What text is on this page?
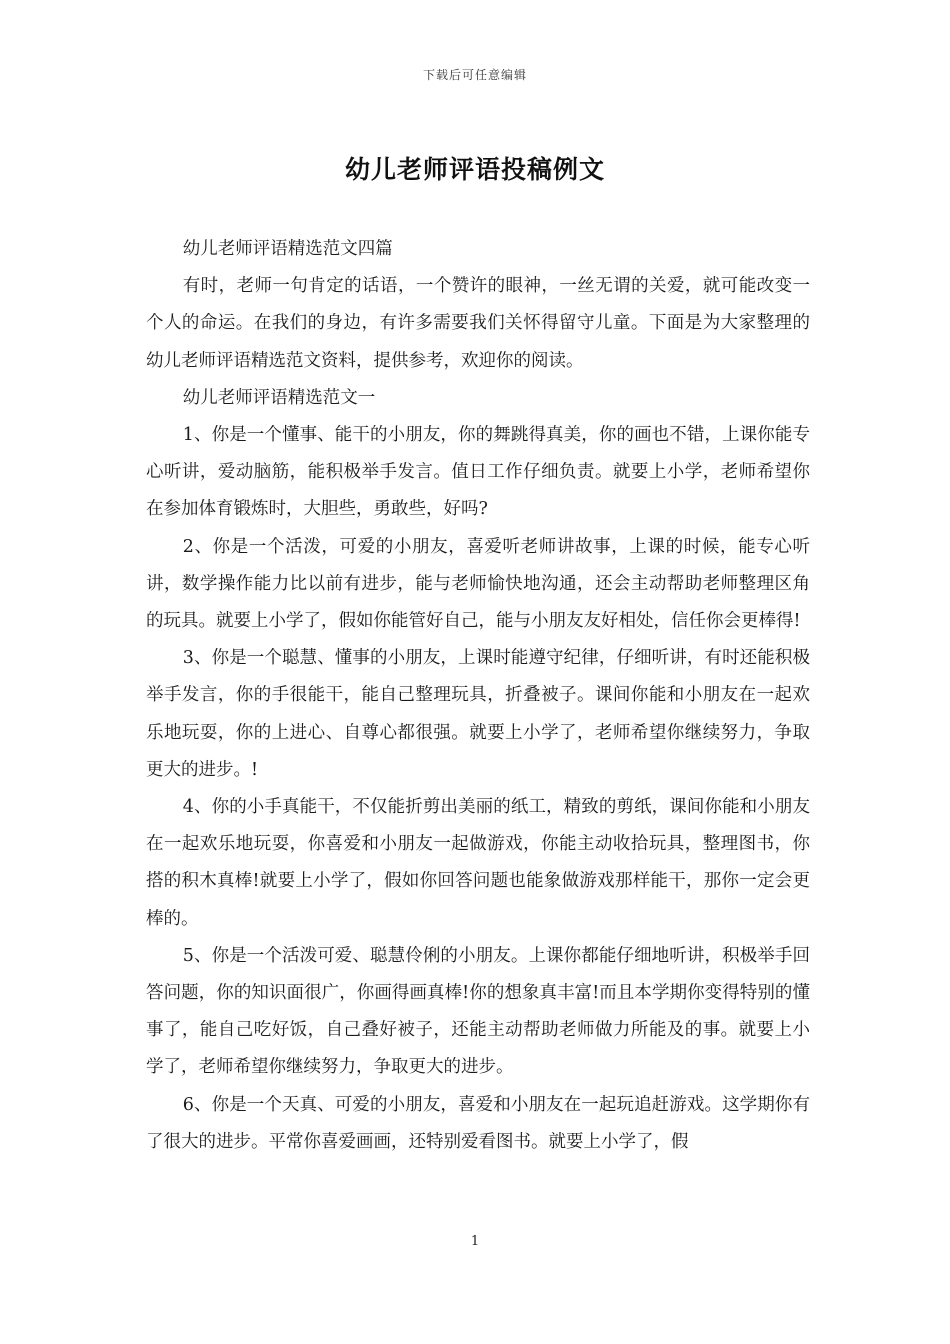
下载后可任意编辑
幼儿老师评语投稿例文

幼儿老师评语精选范文四篇

有时，老师一句肯定的话语，一个赞许的眼神，一丝无谓的关爱，就可能改变一个人的命运。在我们的身边，有许多需要我们关怀得留守儿童。下面是为大家整理的幼儿老师评语精选范文资料，提供参考，欢迎你的阅读。

幼儿老师评语精选范文一

1、你是一个懂事、能干的小朋友，你的舞跳得真美，你的画也不错，上课你能专心听讲，爱动脑筋，能积极举手发言。值日工作仔细负责。就要上小学，老师希望你在参加体育锻炼时，大胆些，勇敢些，好吗?

2、你是一个活泼，可爱的小朋友，喜爱听老师讲故事，上课的时候，能专心听讲，数学操作能力比以前有进步，能与老师愉快地沟通，还会主动帮助老师整理区角的玩具。就要上小学了，假如你能管好自己，能与小朋友友好相处，信任你会更棒得!

3、你是一个聪慧、懂事的小朋友，上课时能遵守纪律，仔细听讲，有时还能积极举手发言，你的手很能干，能自己整理玩具，折叠被子。课间你能和小朋友在一起欢乐地玩耍，你的上进心、自尊心都很强。就要上小学了，老师希望你继续努力，争取更大的进步。!

4、你的小手真能干，不仅能折剪出美丽的纸工，精致的剪纸，课间你能和小朋友在一起欢乐地玩耍，你喜爱和小朋友一起做游戏，你能主动收拾玩具，整理图书，你搭的积木真棒!就要上小学了，假如你回答问题也能象做游戏那样能干，那你一定会更棒的。

5、你是一个活泼可爱、聪慧伶俐的小朋友。上课你都能仔细地听讲，积极举手回答问题，你的知识面很广，你画得画真棒!你的想象真丰富!而且本学期你变得特别的懂事了，能自己吃好饭，自己叠好被子，还能主动帮助老师做力所能及的事。就要上小学了，老师希望你继续努力，争取更大的进步。

6、你是一个天真、可爱的小朋友，喜爱和小朋友在一起玩追赶游戏。这学期你有了很大的进步。平常你喜爱画画，还特别爱看图书。就要上小学了，假

1
